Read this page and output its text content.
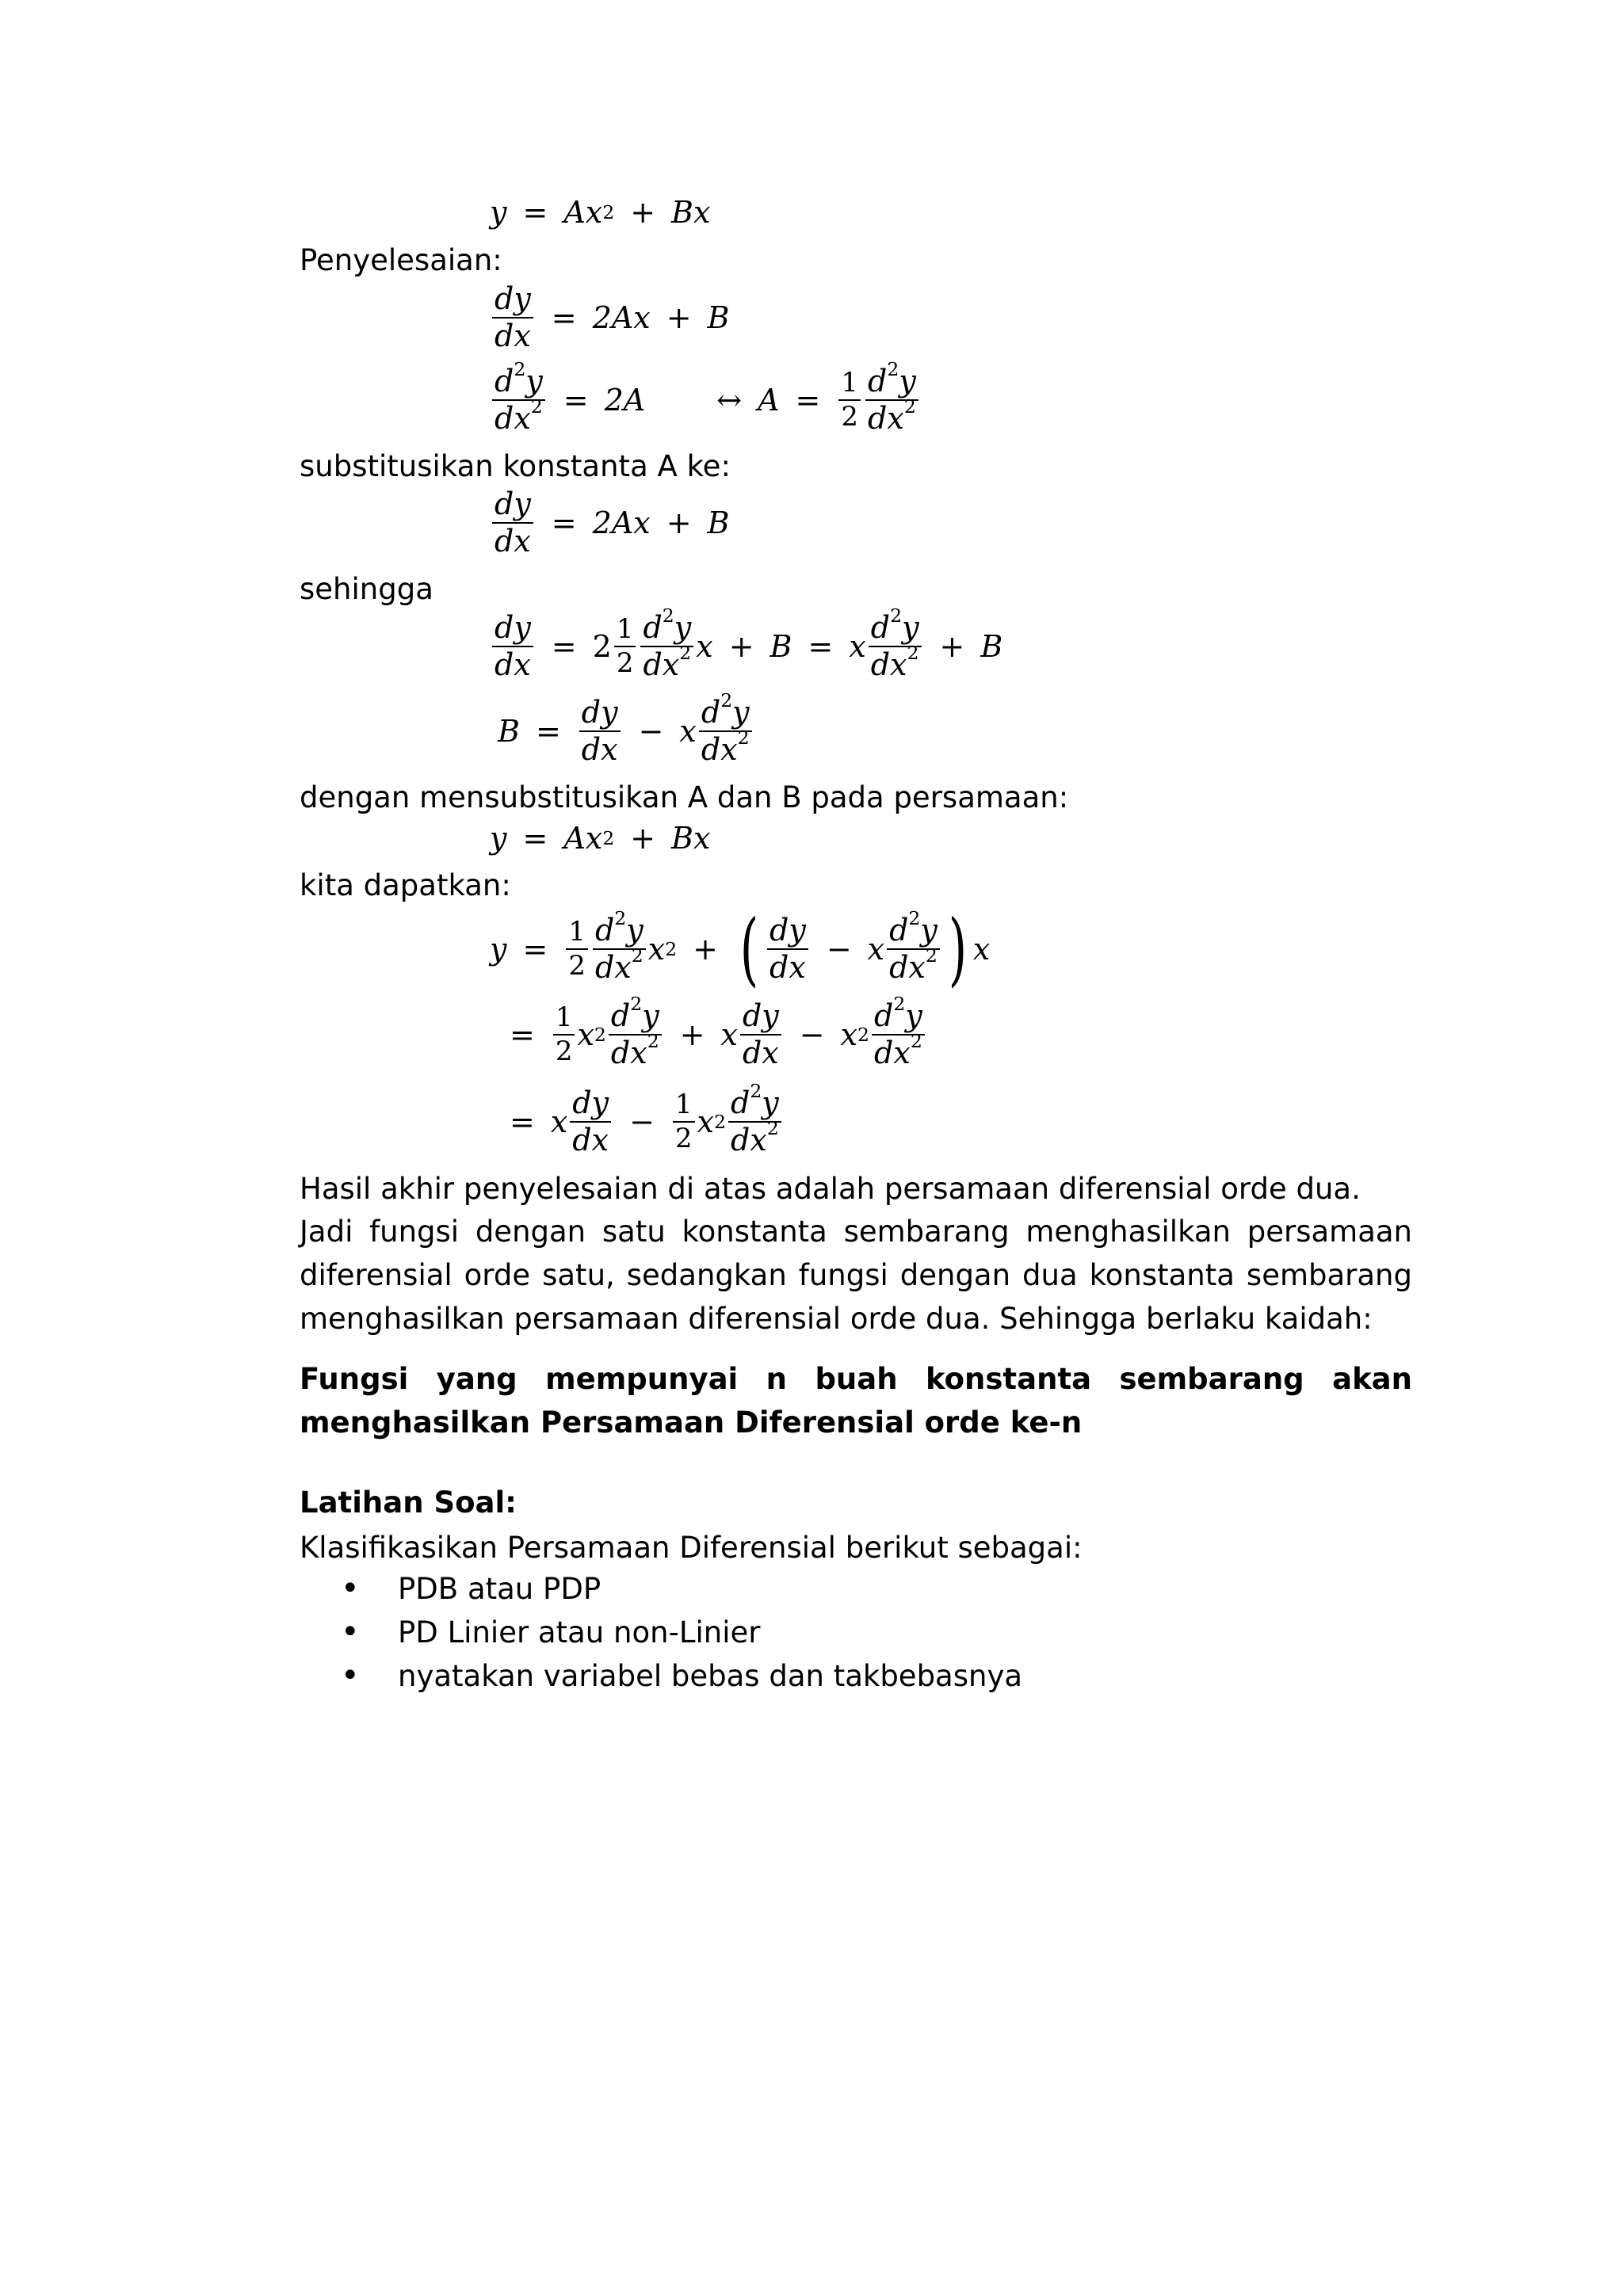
y = A x 2 + Bx
Penyelesaian:
$\frac{dy}{dx} = 2Ax + B$
$\frac{d^2y}{dx^2} = 2A$ ↔ $A = \frac{1}{2} \frac{d^2y}{dx^2}$
substitusikan konstanta A ke:
$\frac{dy}{dx} = 2Ax + B$
sehingga
$\frac{dy}{dx} = 2 \frac{1}{2} \frac{d^2y}{dx^2}$ x + B = x $\frac{d^2y}{dx^2} + B$
$B = \frac{dy}{dx} - x \frac{d^2y}{dx^2}$
dengan mensubstitusikan A dan B pada persamaan:
y = A x 2 + Bx
kita dapatkan:
$y = \frac{1}{2} \frac{d^2y}{dx^2}$ x 2 + ( $\frac{dy}{dx} - x \frac{d^2y}{dx^2}$ ) x
= $\frac{1}{2}$ x $2 \frac{d^2y}{dx^2} + x \frac{dy}{dx} - x$ $2 \frac{d^2y}{dx^2}$
= x $\frac{dy}{dx} - \frac{1}{2}$ x $2 \frac{d^2y}{dx^2}$
Hasil akhir penyelesaian di atas adalah persamaan diferensial orde dua.
Jadi fungsi dengan satu konstanta sembarang menghasilkan persamaan
diferensial orde satu, sedangkan fungsi dengan dua konstanta sembarang
menghasilkan persamaan diferensial orde dua. Sehingga berlaku kaidah:
Fungsi yang mempunyai n buah konstanta sembarang akan
menghasilkan Persamaan Diferensial orde ke-n
Latihan Soal:
Klasifikasikan Persamaan Diferensial berikut sebagai:
• PDB atau PDP
• PD Linier atau non-Linier
• nyatakan variabel bebas dan takbebasnya
